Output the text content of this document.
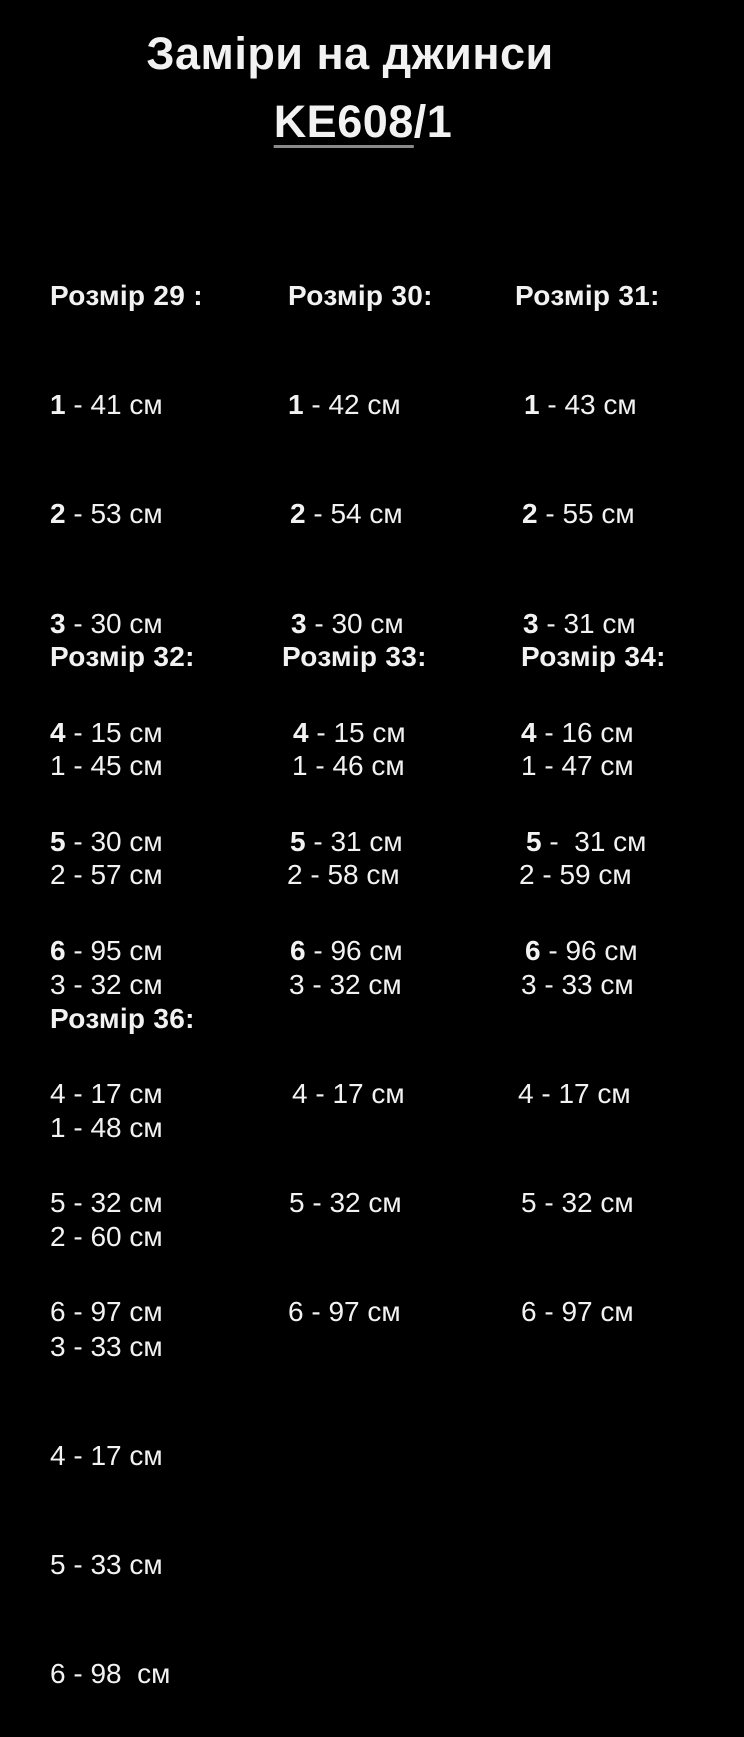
Заміри на джинси
KE608/1

Розмір 29 :

1 - 41 см

2 - 53 см

3 - 30 см

4 - 15 см

5 - 30 см

6 - 95 см

Розмір 30:

1 - 42 см

2 - 54 см

3 - 30 см

4 - 15 см

5 - 31 см

6 - 96 см

Розмір 31:

1 - 43 см

2 - 55 см

3 - 31 см

4 - 16 см

5 -  31 см

6 - 96 см

Розмір 32:

1 - 45 см

2 - 57 см

3 - 32 см

4 - 17 см

5 - 32 см

6 - 97 см

Розмір 33:

1 - 46 см

2 - 58 см

3 - 32 см

4 - 17 см

5 - 32 см

6 - 97 см

Розмір 34:

1 - 47 см

2 - 59 см

3 - 33 см

4 - 17 см

5 - 32 см

6 - 97 см

Розмір 36:

1 - 48 см

2 - 60 см

3 - 33 см

4 - 17 см

5 - 33 см

6 - 98  см
